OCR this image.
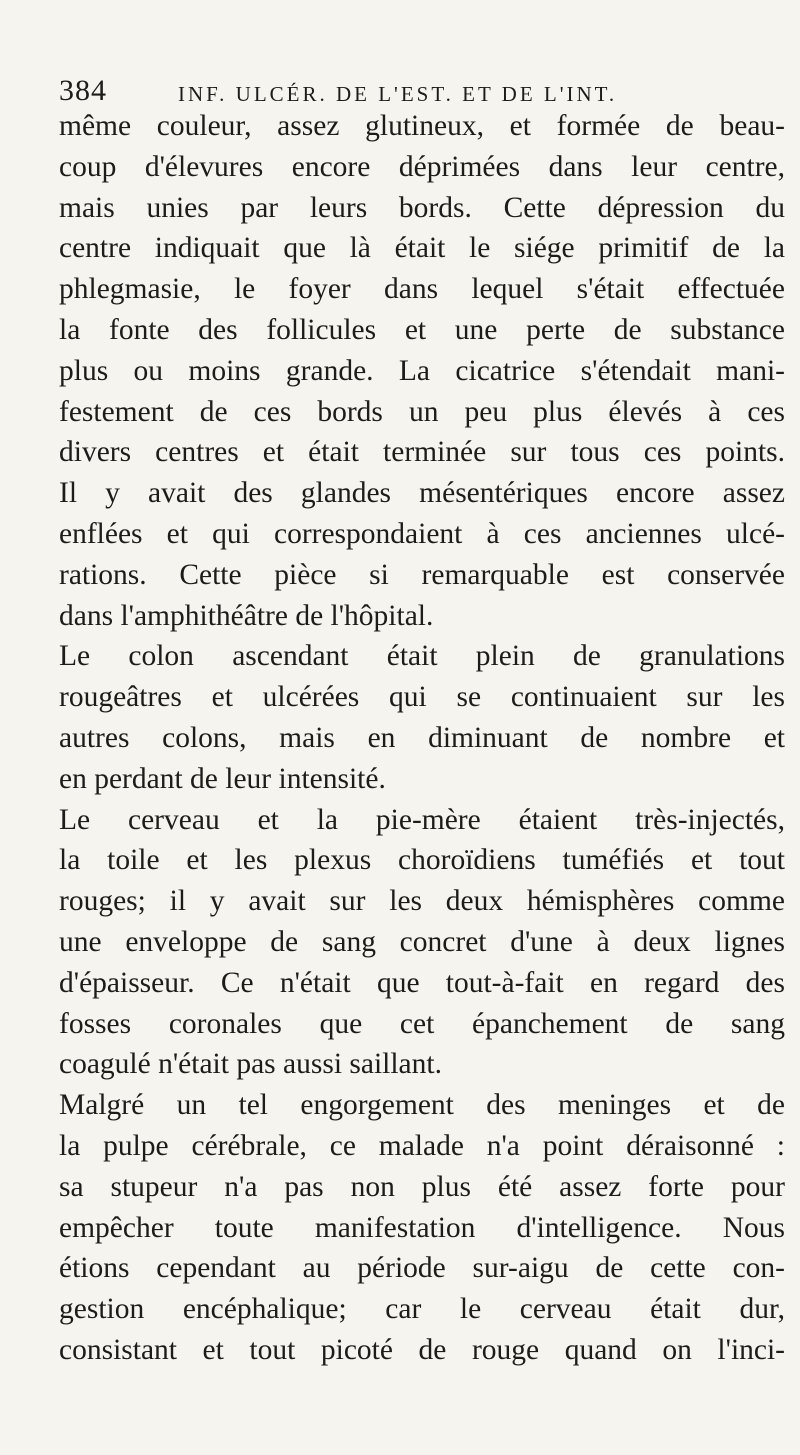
384	INF. ULCÉR. DE L'EST. ET DE L'INT.
même couleur, assez glutineux, et formée de beau-
coup d'élevures encore déprimées dans leur centre,
mais unies par leurs bords. Cette dépression du
centre indiquait que là était le siége primitif de la
phlegmasie, le foyer dans lequel s'était effectuée
la fonte des follicules et une perte de substance
plus ou moins grande. La cicatrice s'étendait mani-
festement de ces bords un peu plus élevés à ces
divers centres et était terminée sur tous ces points.
Il y avait des glandes mésentériques encore assez
enflées et qui correspondaient à ces anciennes ulcé-
rations. Cette pièce si remarquable est conservée
dans l'amphithéâtre de l'hôpital.
Le colon ascendant était plein de granulations
rougeâtres et ulcérées qui se continuaient sur les
autres colons, mais en diminuant de nombre et
en perdant de leur intensité.
Le cerveau et la pie-mère étaient très-injectés,
la toile et les plexus choroïdiens tuméfiés et tout
rouges; il y avait sur les deux hémisphères comme
une enveloppe de sang concret d'une à deux lignes
d'épaisseur. Ce n'était que tout-à-fait en regard des
fosses coronales que cet épanchement de sang
coagulé n'était pas aussi saillant.
Malgré un tel engorgement des meninges et de
la pulpe cérébrale, ce malade n'a point déraisonné :
sa stupeur n'a pas non plus été assez forte pour
empêcher toute manifestation d'intelligence. Nous
étions cependant au période sur-aigu de cette con-
gestion encéphalique; car le cerveau était dur,
consistant et tout picoté de rouge quand on l'inci-
